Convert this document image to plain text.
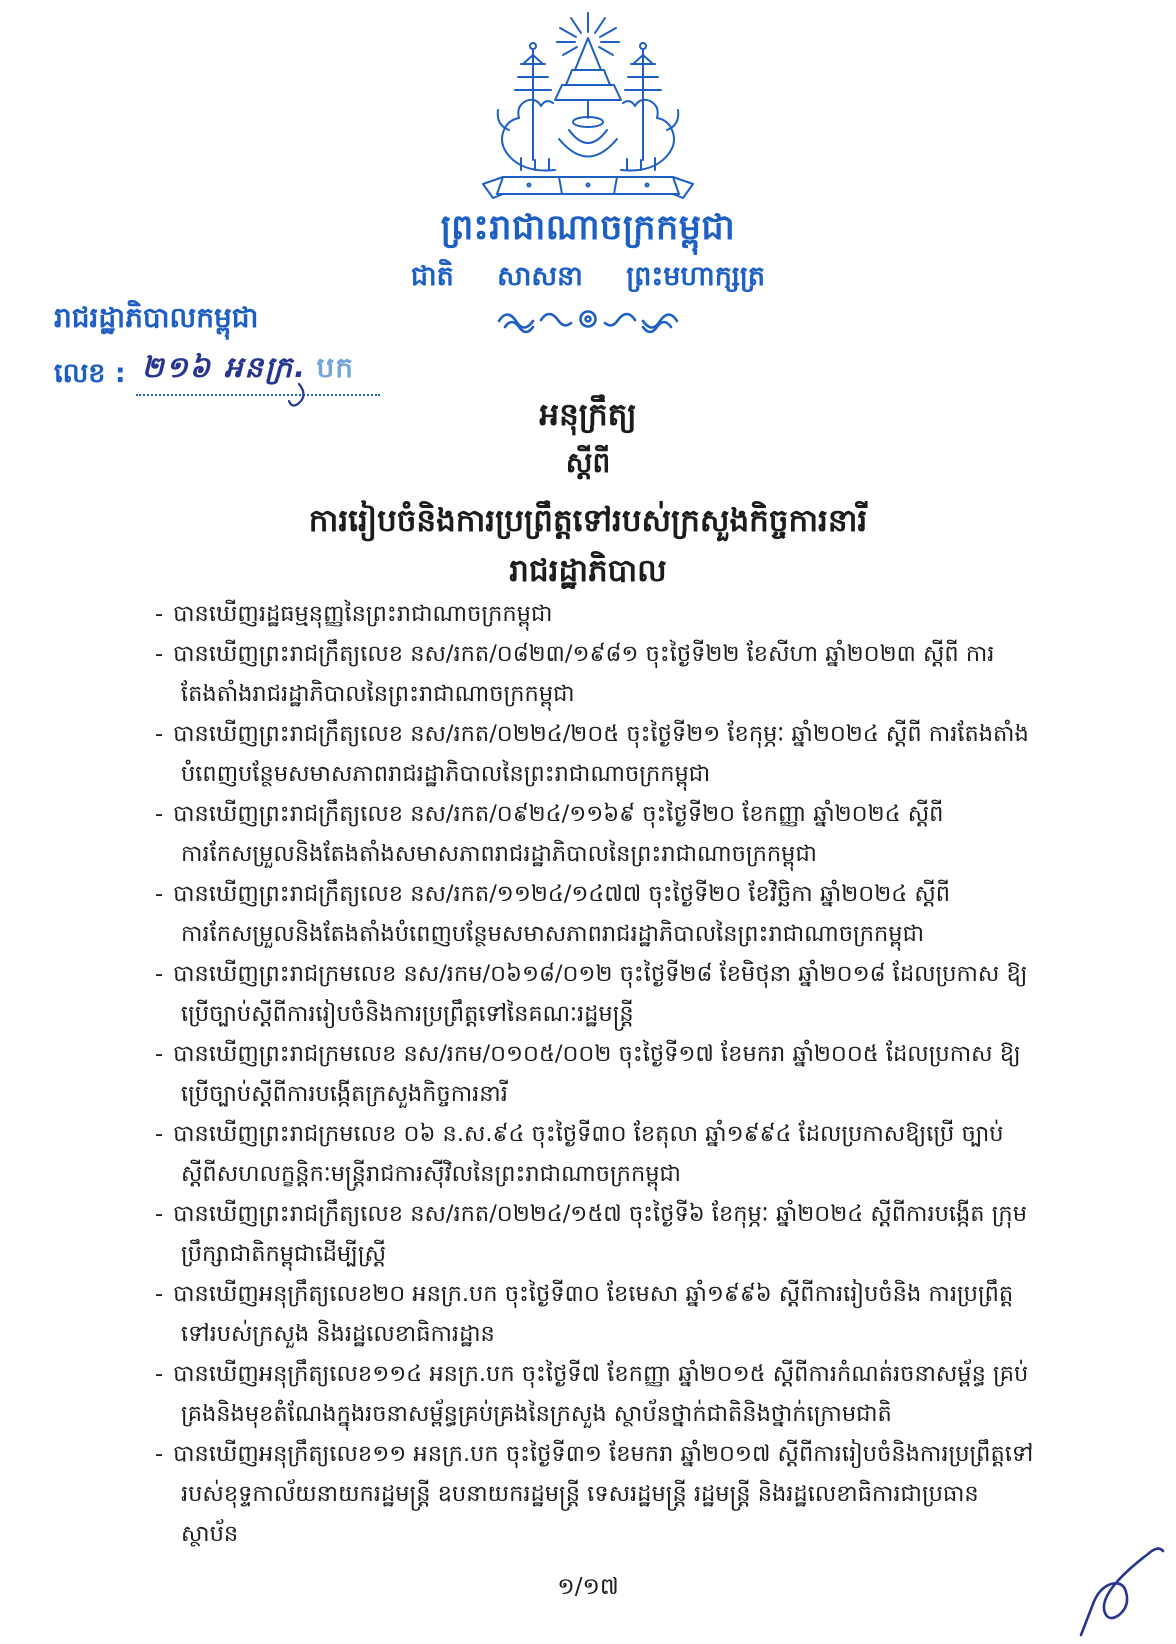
ព្រះរាជាណាចក្រកម្ពុជា
ជាតិ សាសនា ព្រះមហាក្សត្រ
រាជរដ្ឋាភិបាលកម្ពុជា
លេខ : ២១៦ អនក្រ. បក
អនុក្រឹត្យ
ស្តីពី
ការរៀបចំនិងការប្រព្រឹត្តទៅរបស់ក្រសួងកិច្ចការនារី
រាជរដ្ឋាភិបាល
- បានឃើញរដ្ឋធម្មនុញ្ញនៃព្រះរាជាណាចក្រកម្ពុជា
- បានឃើញព្រះរាជក្រឹត្យលេខ នស/រកត/០៨២៣/១៩៨១ ចុះថ្ងៃទី២២ ខែសីហា ឆ្នាំ២០២៣ ស្តីពី ការតែងតាំងរាជរដ្ឋាភិបាលនៃព្រះរាជាណាចក្រកម្ពុជា
- បានឃើញព្រះរាជក្រឹត្យលេខ នស/រកត/០២២៤/២០៥ ចុះថ្ងៃទី២១ ខែកុម្ភៈ ឆ្នាំ២០២៤ ស្តីពី ការតែងតាំងបំពេញបន្ថែមសមាសភាពរាជរដ្ឋាភិបាលនៃព្រះរាជាណាចក្រកម្ពុជា
- បានឃើញព្រះរាជក្រឹត្យលេខ នស/រកត/០៩២៤/១១៦៩ ចុះថ្ងៃទី២០ ខែកញ្ញា ឆ្នាំ២០២៤ ស្តីពី ការកែសម្រួលនិងតែងតាំងសមាសភាពរាជរដ្ឋាភិបាលនៃព្រះរាជាណាចក្រកម្ពុជា
- បានឃើញព្រះរាជក្រឹត្យលេខ នស/រកត/១១២៤/១៤៧៧ ចុះថ្ងៃទី២០ ខែវិច្ឆិកា ឆ្នាំ២០២៤ ស្តីពី ការកែសម្រួលនិងតែងតាំងបំពេញបន្ថែមសមាសភាពរាជរដ្ឋាភិបាលនៃព្រះរាជាណាចក្រកម្ពុជា
- បានឃើញព្រះរាជក្រមលេខ នស/រកម/០៦១៨/០១២ ចុះថ្ងៃទី២៨ ខែមិថុនា ឆ្នាំ២០១៨ ដែលប្រកាស ឱ្យប្រើច្បាប់ស្តីពីការរៀបចំនិងការប្រព្រឹត្តទៅនៃគណៈរដ្ឋមន្ត្រី
- បានឃើញព្រះរាជក្រមលេខ នស/រកម/០១០៥/០០២ ចុះថ្ងៃទី១៧ ខែមករា ឆ្នាំ២០០៥ ដែលប្រកាស ឱ្យប្រើច្បាប់ស្តីពីការបង្កើតក្រសួងកិច្ចការនារី
- បានឃើញព្រះរាជក្រមលេខ ០៦ ន.ស.៩៤ ចុះថ្ងៃទី៣០ ខែតុលា ឆ្នាំ១៩៩៤ ដែលប្រកាសឱ្យប្រើ ច្បាប់ស្តីពីសហលក្ខន្តិកៈមន្ត្រីរាជការស៊ីវិលនៃព្រះរាជាណាចក្រកម្ពុជា
- បានឃើញព្រះរាជក្រឹត្យលេខ នស/រកត/០២២៤/១៥៧ ចុះថ្ងៃទី៦ ខែកុម្ភៈ ឆ្នាំ២០២៤ ស្តីពីការបង្កើត ក្រុមប្រឹក្សាជាតិកម្ពុជាដើម្បីស្ត្រី
- បានឃើញអនុក្រឹត្យលេខ២០ អនក្រ.បក ចុះថ្ងៃទី៣០ ខែមេសា ឆ្នាំ១៩៩៦ ស្តីពីការរៀបចំនិង ការប្រព្រឹត្តទៅរបស់ក្រសួង និងរដ្ឋលេខាធិការដ្ឋាន
- បានឃើញអនុក្រឹត្យលេខ១១៤ អនក្រ.បក ចុះថ្ងៃទី៧ ខែកញ្ញា ឆ្នាំ២០១៥ ស្តីពីការកំណត់រចនាសម្ព័ន្ធ គ្រប់គ្រងនិងមុខតំណែងក្នុងរចនាសម្ព័ន្ធគ្រប់គ្រងនៃក្រសួង ស្ថាប័នថ្នាក់ជាតិនិងថ្នាក់ក្រោមជាតិ
- បានឃើញអនុក្រឹត្យលេខ១១ អនក្រ.បក ចុះថ្ងៃទី៣១ ខែមករា ឆ្នាំ២០១៧ ស្តីពីការរៀបចំនិងការប្រព្រឹត្តទៅ របស់ខុទ្ទកាល័យនាយករដ្ឋមន្ត្រី ឧបនាយករដ្ឋមន្ត្រី ទេសរដ្ឋមន្ត្រី រដ្ឋមន្ត្រី និងរដ្ឋលេខាធិការជាប្រធាន ស្ថាប័ន
១/១៧
